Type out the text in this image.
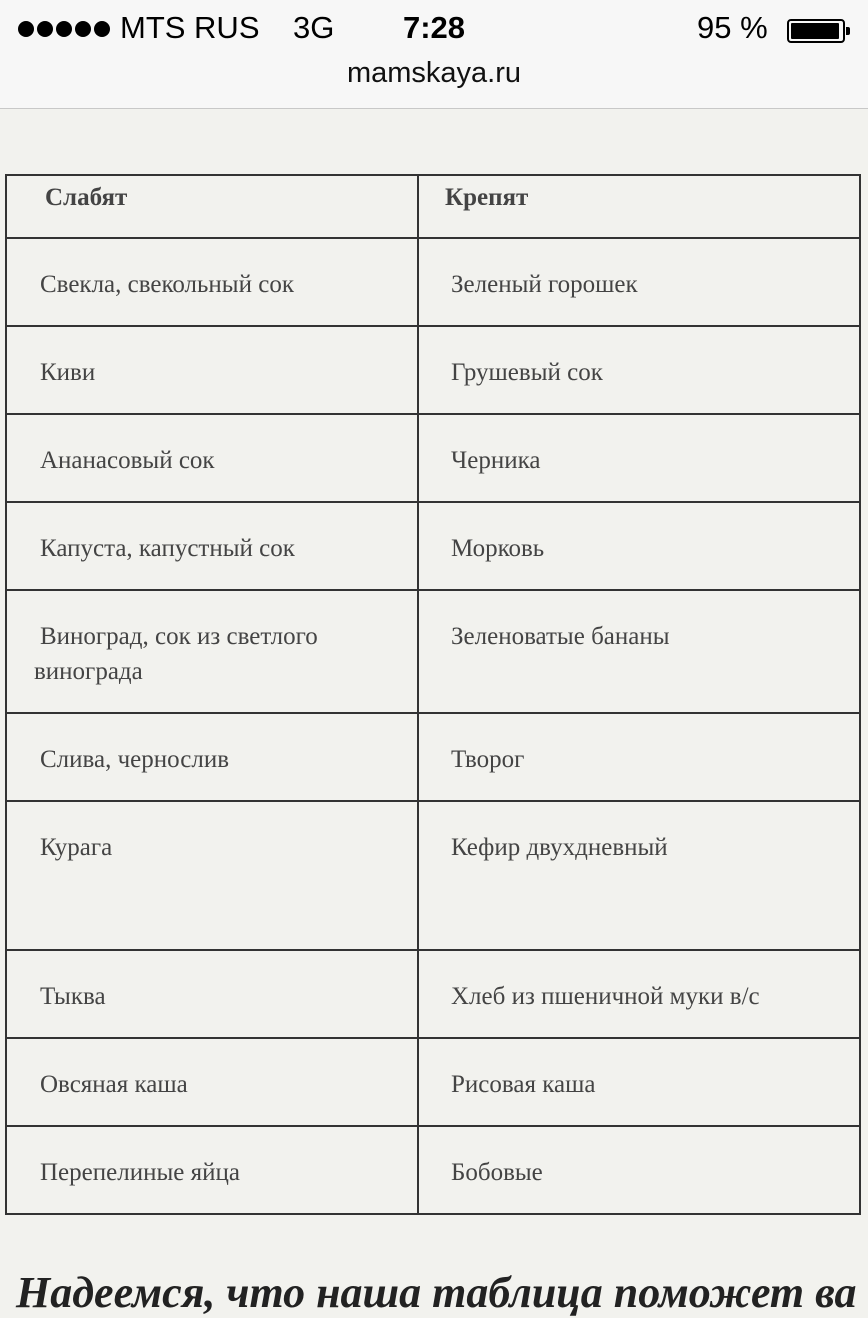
MTS RUS 3G	7:28	95 %
mamskaya.ru
Слабят	Крепят

Свекла, свекольный сок	Зеленый горошек

Киви	Грушевый сок

Ананасовый сок	Черника

Капуста, капустный сок	Морковь

Виноград, сок из светлого винограда	Зеленоватые бананы

Слива, чернослив	Творог

Курага	Кефир двухдневный

Тыква	Хлеб из пшеничной муки в/с

Овсяная каша	Рисовая каша

Перепелиные яйца	Бобовые
Надеемся, что наша таблица поможет ва
